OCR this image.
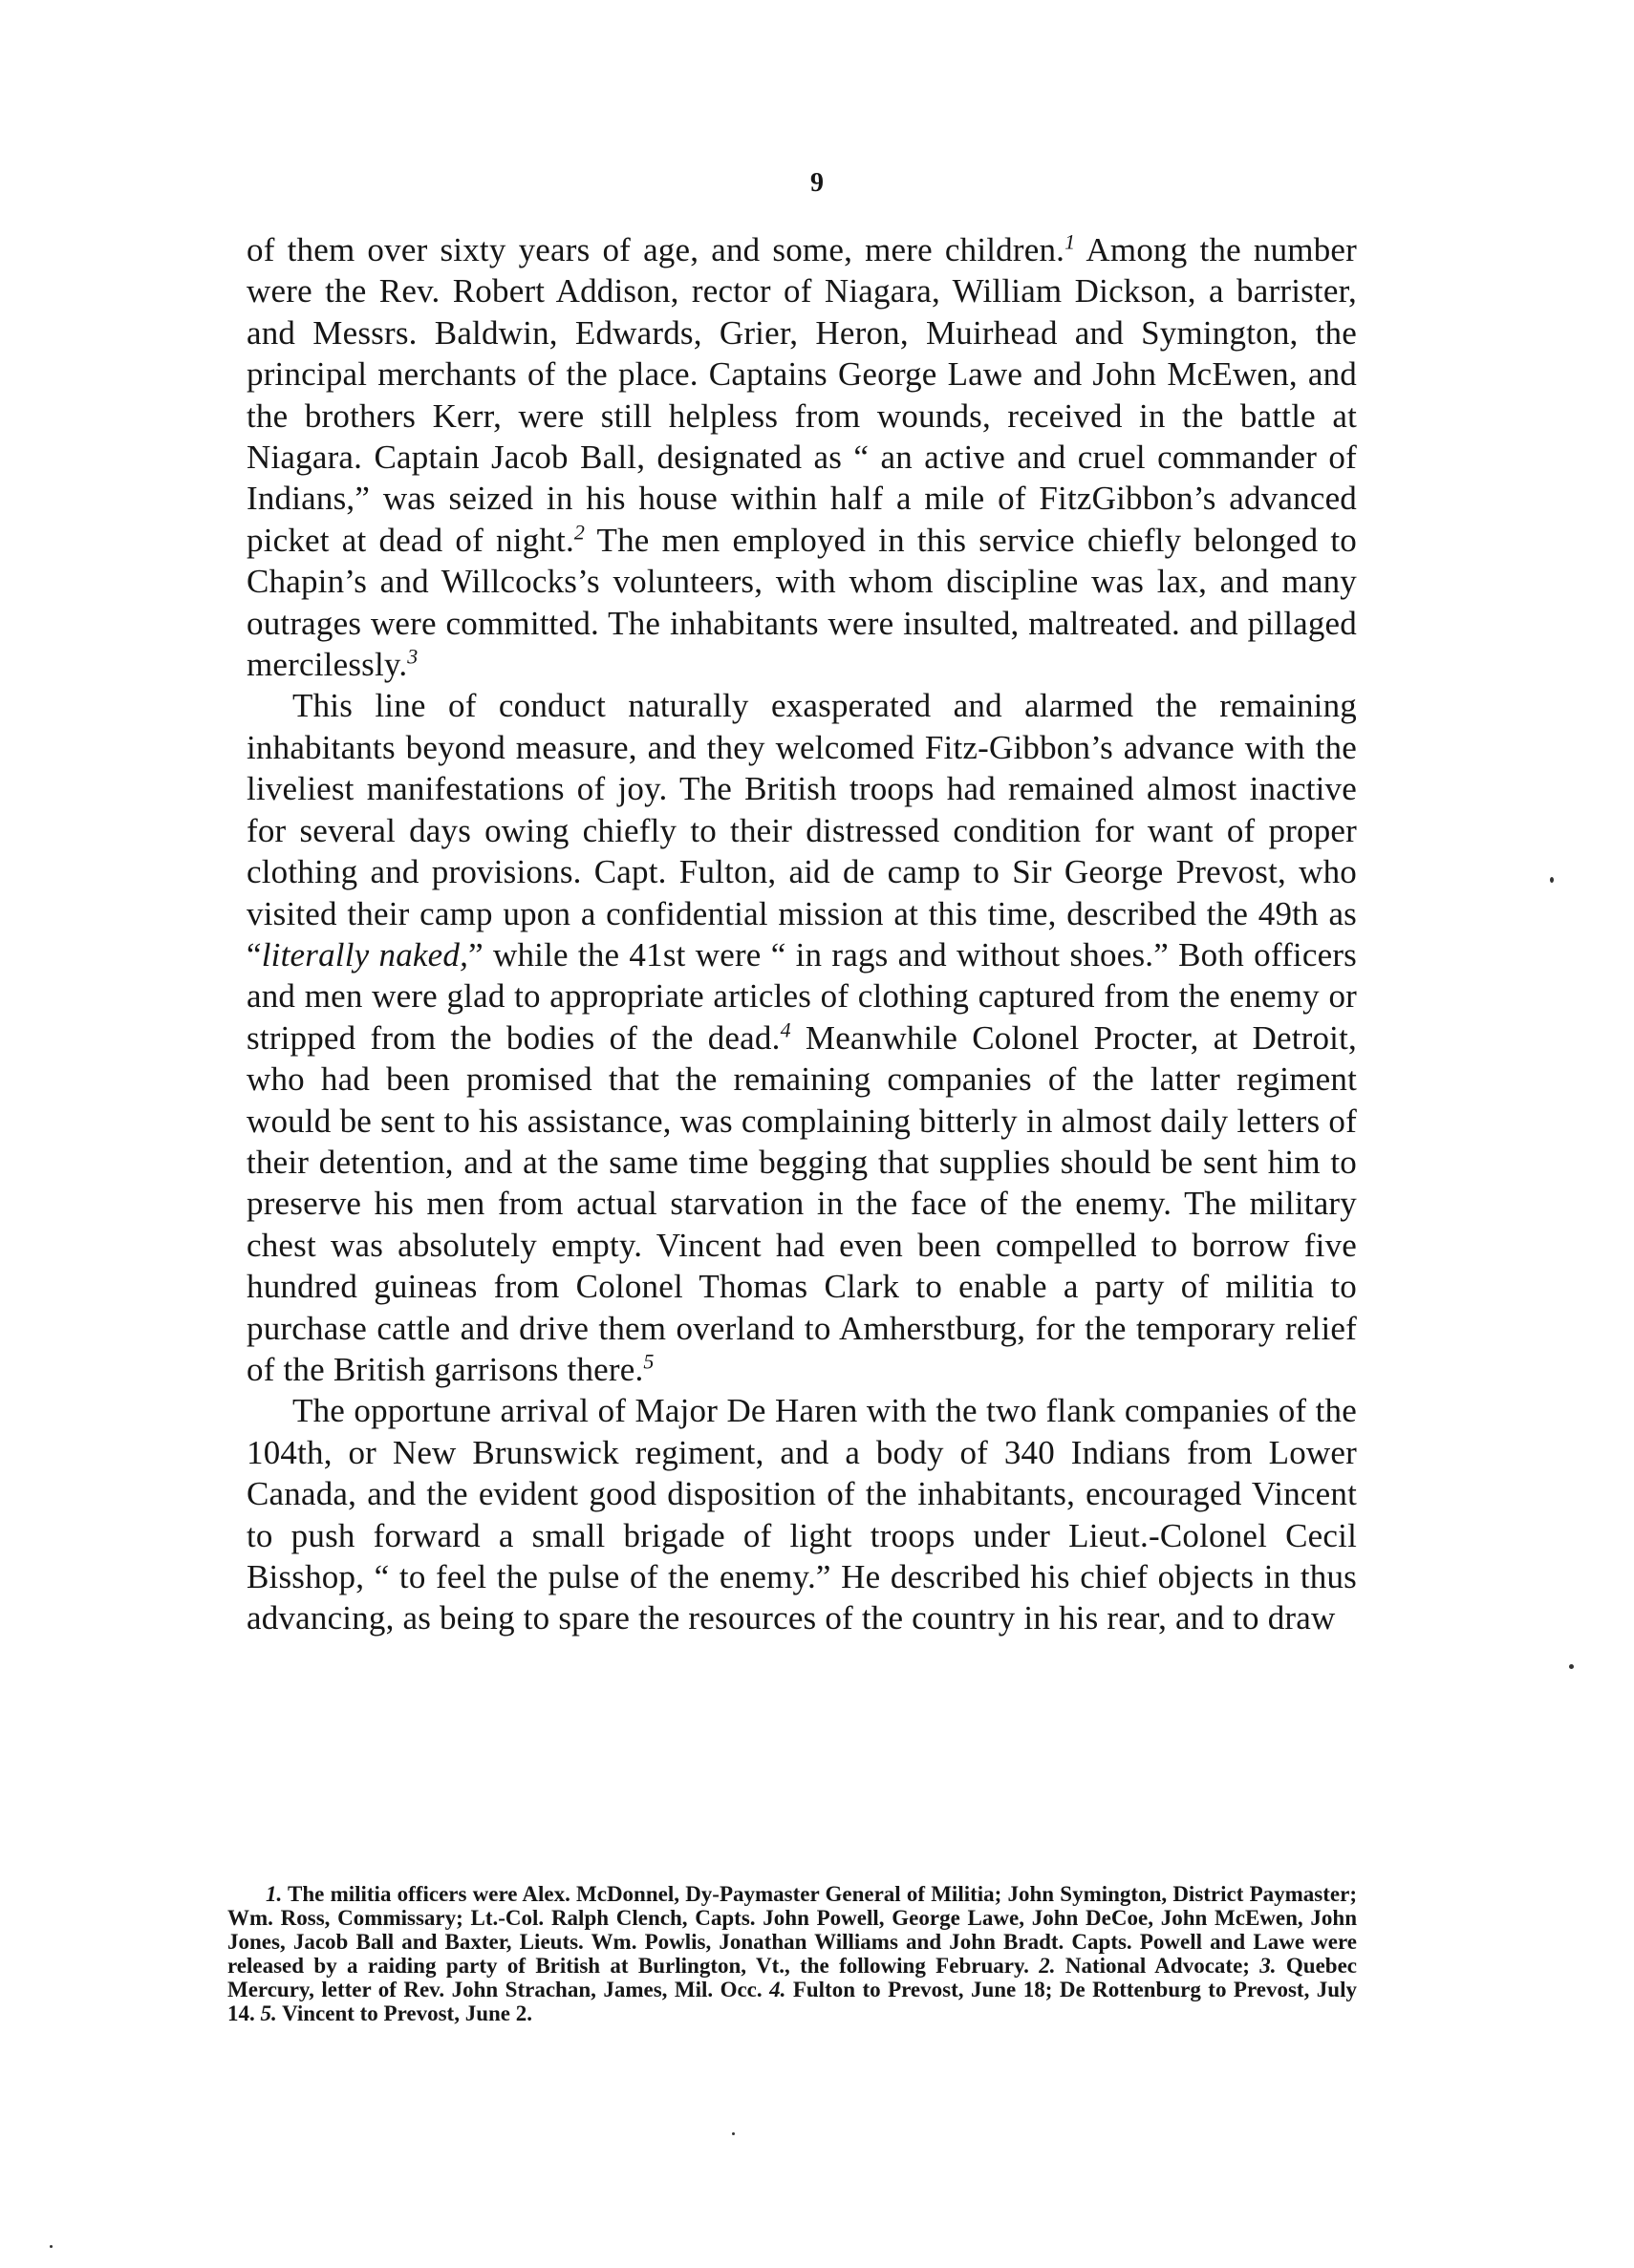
9

of them over sixty years of age, and some, mere children.$^1$ Among the number were the Rev. Robert Addison, rector of Niagara, William Dickson, a barrister, and Messrs. Baldwin, Edwards, Grier, Heron, Muirhead and Symington, the principal merchants of the place. Captains George Lawe and John McEwen, and the brothers Kerr, were still helpless from wounds, received in the battle at Niagara. Captain Jacob Ball, designated as “ an active and cruel commander of Indians,” was seized in his house within half a mile of FitzGibbon’s advanced picket at dead of night.$^2$ The men employed in this service chiefly belonged to Chapin’s and Willcocks’s volunteers, with whom discipline was lax, and many outrages were committed. The inhabitants were insulted, maltreated. and pillaged mercilessly.$^3$

This line of conduct naturally exasperated and alarmed the remaining inhabitants beyond measure, and they welcomed Fitz-Gibbon’s advance with the liveliest manifestations of joy. The British troops had remained almost inactive for several days owing chiefly to their distressed condition for want of proper clothing and provisions. Capt. Fulton, aid de camp to Sir George Prevost, who visited their camp upon a confidential mission at this time, described the 49th as “literally naked,” while the 41st were “ in rags and without shoes.” Both officers and men were glad to appropriate articles of clothing captured from the enemy or stripped from the bodies of the dead.$^4$ Meanwhile Colonel Procter, at Detroit, who had been promised that the remaining companies of the latter regiment would be sent to his assistance, was complaining bitterly in almost daily letters of their detention, and at the same time begging that supplies should be sent him to preserve his men from actual starvation in the face of the enemy. The military chest was absolutely empty. Vincent had even been compelled to borrow five hundred guineas from Colonel Thomas Clark to enable a party of militia to purchase cattle and drive them overland to Amherstburg, for the temporary relief of the British garrisons there.$^5$

The opportune arrival of Major De Haren with the two flank companies of the 104th, or New Brunswick regiment, and a body of 340 Indians from Lower Canada, and the evident good disposition of the inhabitants, encouraged Vincent to push forward a small brigade of light troops under Lieut.-Colonel Cecil Bisshop, “ to feel the pulse of the enemy.” He described his chief objects in thus advancing, as being to spare the resources of the country in his rear, and to draw

1. The militia officers were Alex. McDonnel, Dy-Paymaster General of Militia; John Symington, District Paymaster; Wm. Ross, Commissary; Lt.-Col. Ralph Clench, Capts. John Powell, George Lawe, John DeCoe, John McEwen, John Jones, Jacob Ball and Baxter, Lieuts. Wm. Powlis, Jonathan Williams and John Bradt. Capts. Powell and Lawe were released by a raiding party of British at Burlington, Vt., the following February. 2. National Advocate; 3. Quebec Mercury, letter of Rev. John Strachan, James, Mil. Occ. 4. Fulton to Prevost, June 18; De Rottenburg to Prevost, July 14. 5. Vincent to Prevost, June 2.
